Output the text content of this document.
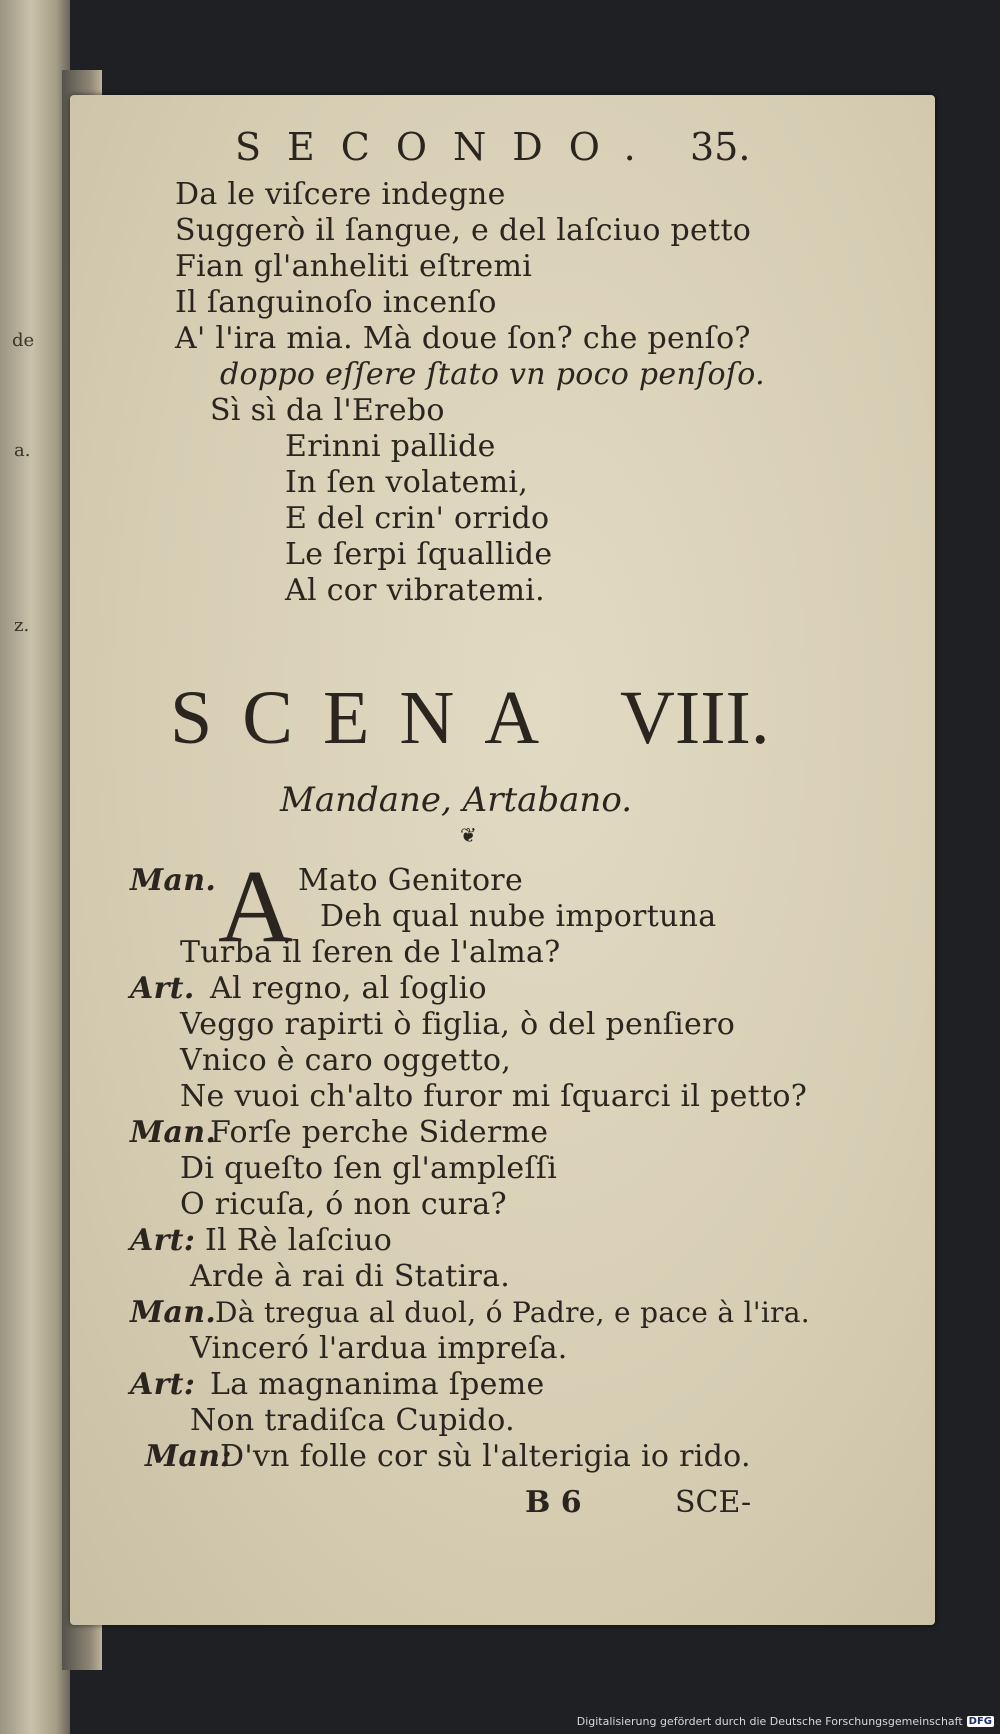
de
a.
z.
SECONDO. 35.
Da le viſcere indegne
Suggerò il ſangue, e del laſciuo petto
Fian gl'anheliti eſtremi
Il ſanguinoſo incenſo
A' l'ira mia. Mà doue ſon? che penſo?
doppo eſſere ſtato vn poco penſoſo.
Sì sì da l'Erebo
Erinni pallide
In ſen volatemi,
E del crin' orrido
Le ſerpi ſquallide
Al cor vibratemi.
SCENA VIII.
Mandane, Artabano.
❦
Man. A Mato Genitore
Deh qual nube importuna
Turba il ſeren de l'alma?
Art. Al regno, al ſoglio
Veggo rapirti ò figlia, ò del penſiero
Vnico è caro oggetto,
Ne vuoi ch'alto furor mi ſquarci il petto?
Man.
Forſe perche Siderme
Di queſto ſen gl'ampleſſi
O ricuſa, ó non cura?
Art: Il Rè laſciuo
Arde à rai di Statira.
Man.
Dà tregua al duol, ó Padre, e pace à l'ira.
Vinceró l'ardua impreſa.
Art: La magnanima ſpeme
Non tradiſca Cupido.
Man:
D'vn folle cor sù l'alterigia io rido.
B 6	SCE-
Digitalisierung gefördert durch die Deutsche Forschungsgemeinschaft DFG
